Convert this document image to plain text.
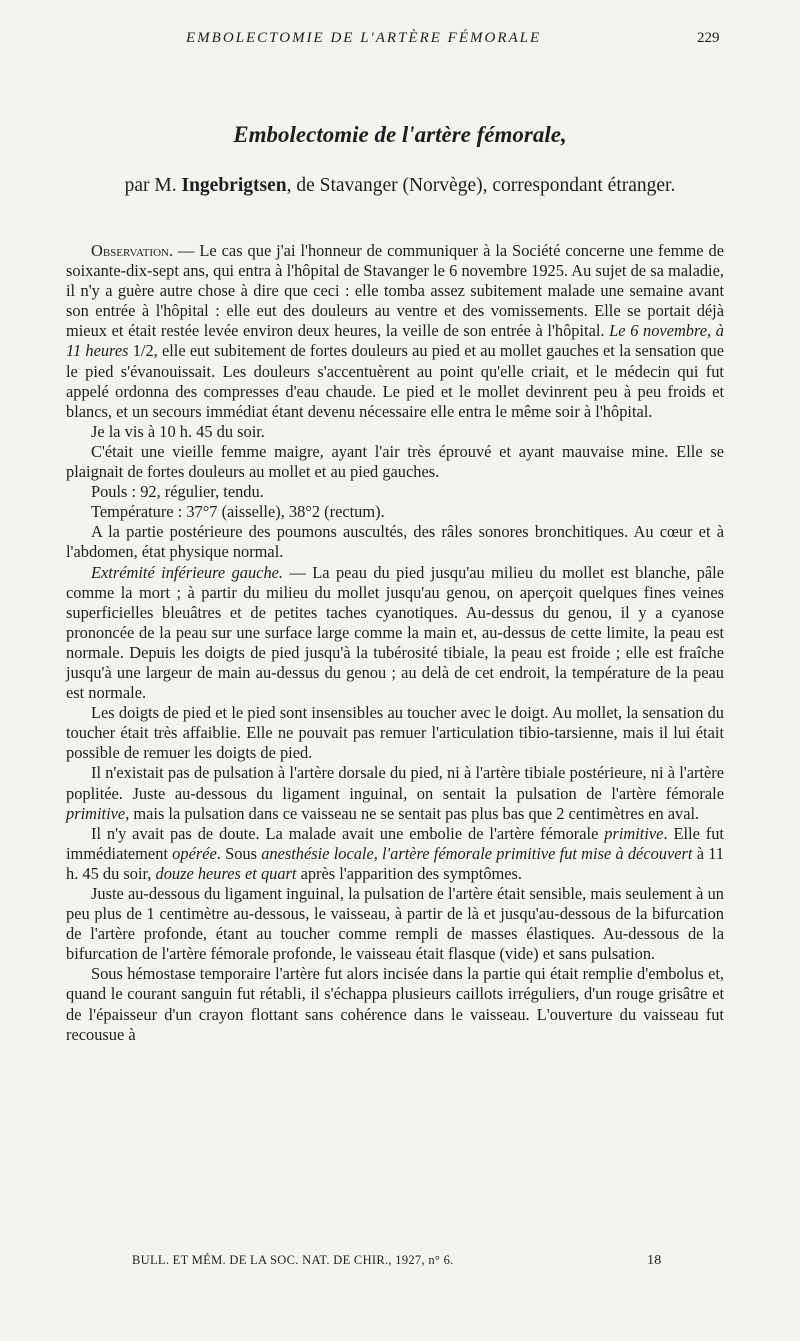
EMBOLECTOMIE DE L'ARTÈRE FÉMORALE	229
Embolectomie de l'artère fémorale,
par M. Ingebrigtsen, de Stavanger (Norvège), correspondant étranger.

Observation. — Le cas que j'ai l'honneur de communiquer à la Société concerne une femme de soixante-dix-sept ans, qui entra à l'hôpital de Stavanger le 6 novembre 1925. Au sujet de sa maladie, il n'y a guère autre chose à dire que ceci : elle tomba assez subitement malade une semaine avant son entrée à l'hôpital : elle eut des douleurs au ventre et des vomissements. Elle se portait déjà mieux et était restée levée environ deux heures, la veille de son entrée à l'hôpital. Le 6 novembre, à 11 heures 1/2, elle eut subitement de fortes douleurs au pied et au mollet gauches et la sensation que le pied s'évanouissait. Les douleurs s'accentuèrent au point qu'elle criait, et le médecin qui fut appelé ordonna des compresses d'eau chaude. Le pied et le mollet devinrent peu à peu froids et blancs, et un secours immédiat étant devenu nécessaire elle entra le même soir à l'hôpital.

Je la vis à 10 h. 45 du soir.

C'était une vieille femme maigre, ayant l'air très éprouvé et ayant mauvaise mine. Elle se plaignait de fortes douleurs au mollet et au pied gauches.

Pouls : 92, régulier, tendu.

Température : 37°7 (aisselle), 38°2 (rectum).

A la partie postérieure des poumons auscultés, des râles sonores bronchitiques. Au cœur et à l'abdomen, état physique normal.

Extrémité inférieure gauche. — La peau du pied jusqu'au milieu du mollet est blanche, pâle comme la mort ; à partir du milieu du mollet jusqu'au genou, on aperçoit quelques fines veines superficielles bleuâtres et de petites taches cyanotiques. Au-dessus du genou, il y a cyanose prononcée de la peau sur une surface large comme la main et, au-dessus de cette limite, la peau est normale. Depuis les doigts de pied jusqu'à la tubérosité tibiale, la peau est froide ; elle est fraîche jusqu'à une largeur de main au-dessus du genou ; au delà de cet endroit, la température de la peau est normale.

Les doigts de pied et le pied sont insensibles au toucher avec le doigt. Au mollet, la sensation du toucher était très affaiblie. Elle ne pouvait pas remuer l'articulation tibio-tarsienne, mais il lui était possible de remuer les doigts de pied.

Il n'existait pas de pulsation à l'artère dorsale du pied, ni à l'artère tibiale postérieure, ni à l'artère poplitée. Juste au-dessous du ligament inguinal, on sentait la pulsation de l'artère fémorale primitive, mais la pulsation dans ce vaisseau ne se sentait pas plus bas que 2 centimètres en aval.

Il n'y avait pas de doute. La malade avait une embolie de l'artère fémorale primitive. Elle fut immédiatement opérée. Sous anesthésie locale, l'artère fémorale primitive fut mise à découvert à 11 h. 45 du soir, douze heures et quart après l'apparition des symptômes.

Juste au-dessous du ligament inguinal, la pulsation de l'artère était sensible, mais seulement à un peu plus de 1 centimètre au-dessous, le vaisseau, à partir de là et jusqu'au-dessous de la bifurcation de l'artère profonde, étant au toucher comme rempli de masses élastiques. Au-dessous de la bifurcation de l'artère fémorale profonde, le vaisseau était flasque (vide) et sans pulsation.

Sous hémostase temporaire l'artère fut alors incisée dans la partie qui était remplie d'embolus et, quand le courant sanguin fut rétabli, il s'échappa plusieurs caillots irréguliers, d'un rouge grisâtre et de l'épaisseur d'un crayon flottant sans cohérence dans le vaisseau. L'ouverture du vaisseau fut recousue à

BULL. ET MÉM. DE LA SOC. NAT. DE CHIR., 1927, n° 6.	18
